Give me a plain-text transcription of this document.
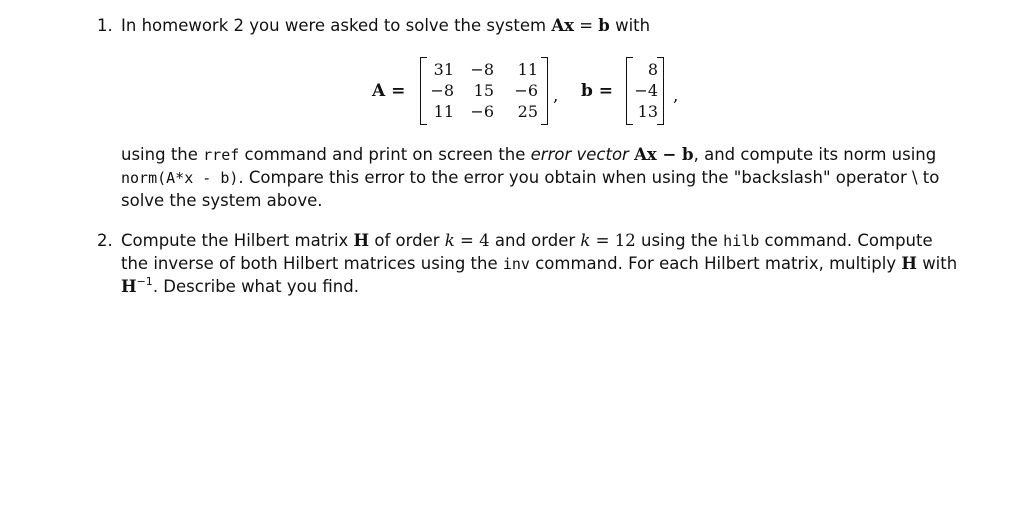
1. In homework 2 you were asked to solve the system Ax = b with
A =
31	−8	11
−8	15	−6
11	−6	25
, b =
8
−4
13
,
using the rref command and print on screen the error vector Ax − b, and compute its norm using
norm(A*x - b). Compare this error to the error you obtain when using the "backslash" operator \ to
solve the system above.
2. Compute the Hilbert matrix H of order k = 4 and order k = 12 using the hilb command. Compute
the inverse of both Hilbert matrices using the inv command. For each Hilbert matrix, multiply H with
$H^{-1}$. Describe what you find.
